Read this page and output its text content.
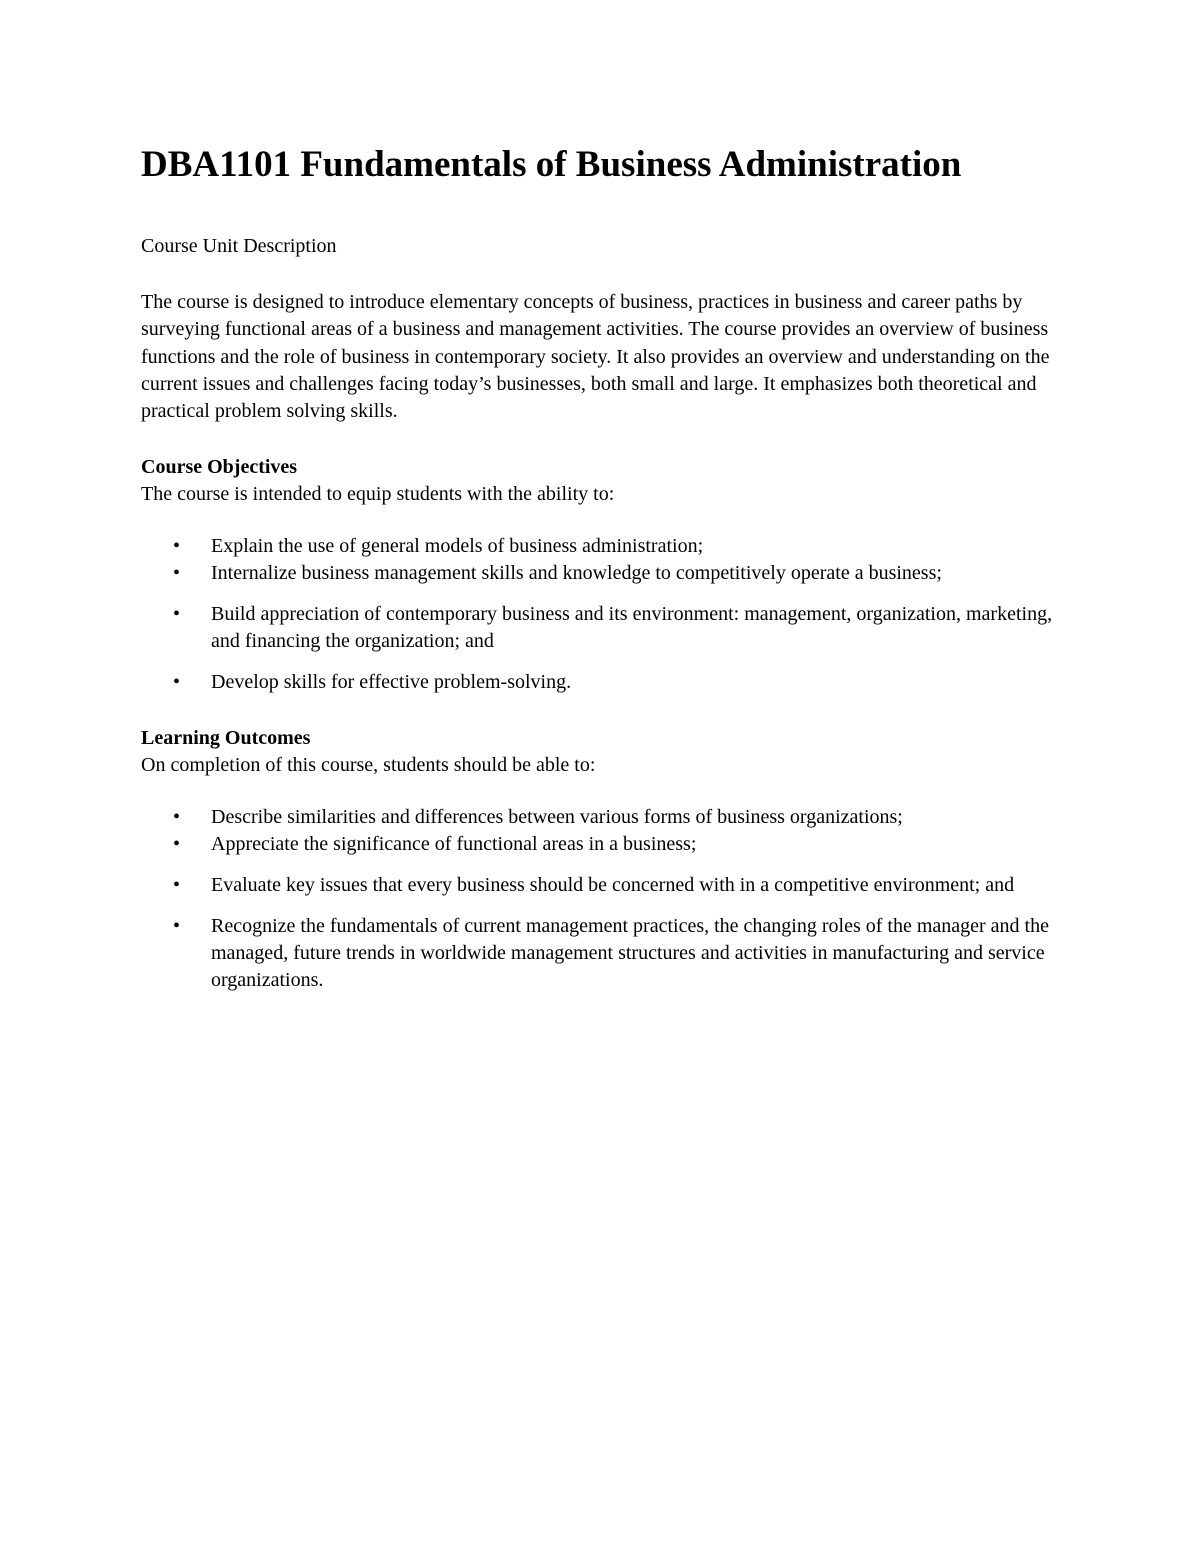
DBA1101 Fundamentals of Business Administration

Course Unit Description

The course is designed to introduce elementary concepts of business, practices in business and career paths by surveying functional areas of a business and management activities. The course provides an overview of business functions and the role of business in contemporary society. It also provides an overview and understanding on the current issues and challenges facing today’s businesses, both small and large. It emphasizes both theoretical and practical problem solving skills.

Course Objectives

The course is intended to equip students with the ability to:

• Explain the use of general models of business administration;
• Internalize business management skills and knowledge to competitively operate a business;
• Build appreciation of contemporary business and its environment: management, organization, marketing, and financing the organization; and
• Develop skills for effective problem-solving.

Learning Outcomes

On completion of this course, students should be able to:

• Describe similarities and differences between various forms of business organizations;
• Appreciate the significance of functional areas in a business;
• Evaluate key issues that every business should be concerned with in a competitive environment; and
• Recognize the fundamentals of current management practices, the changing roles of the manager and the managed, future trends in worldwide management structures and activities in manufacturing and service organizations.
